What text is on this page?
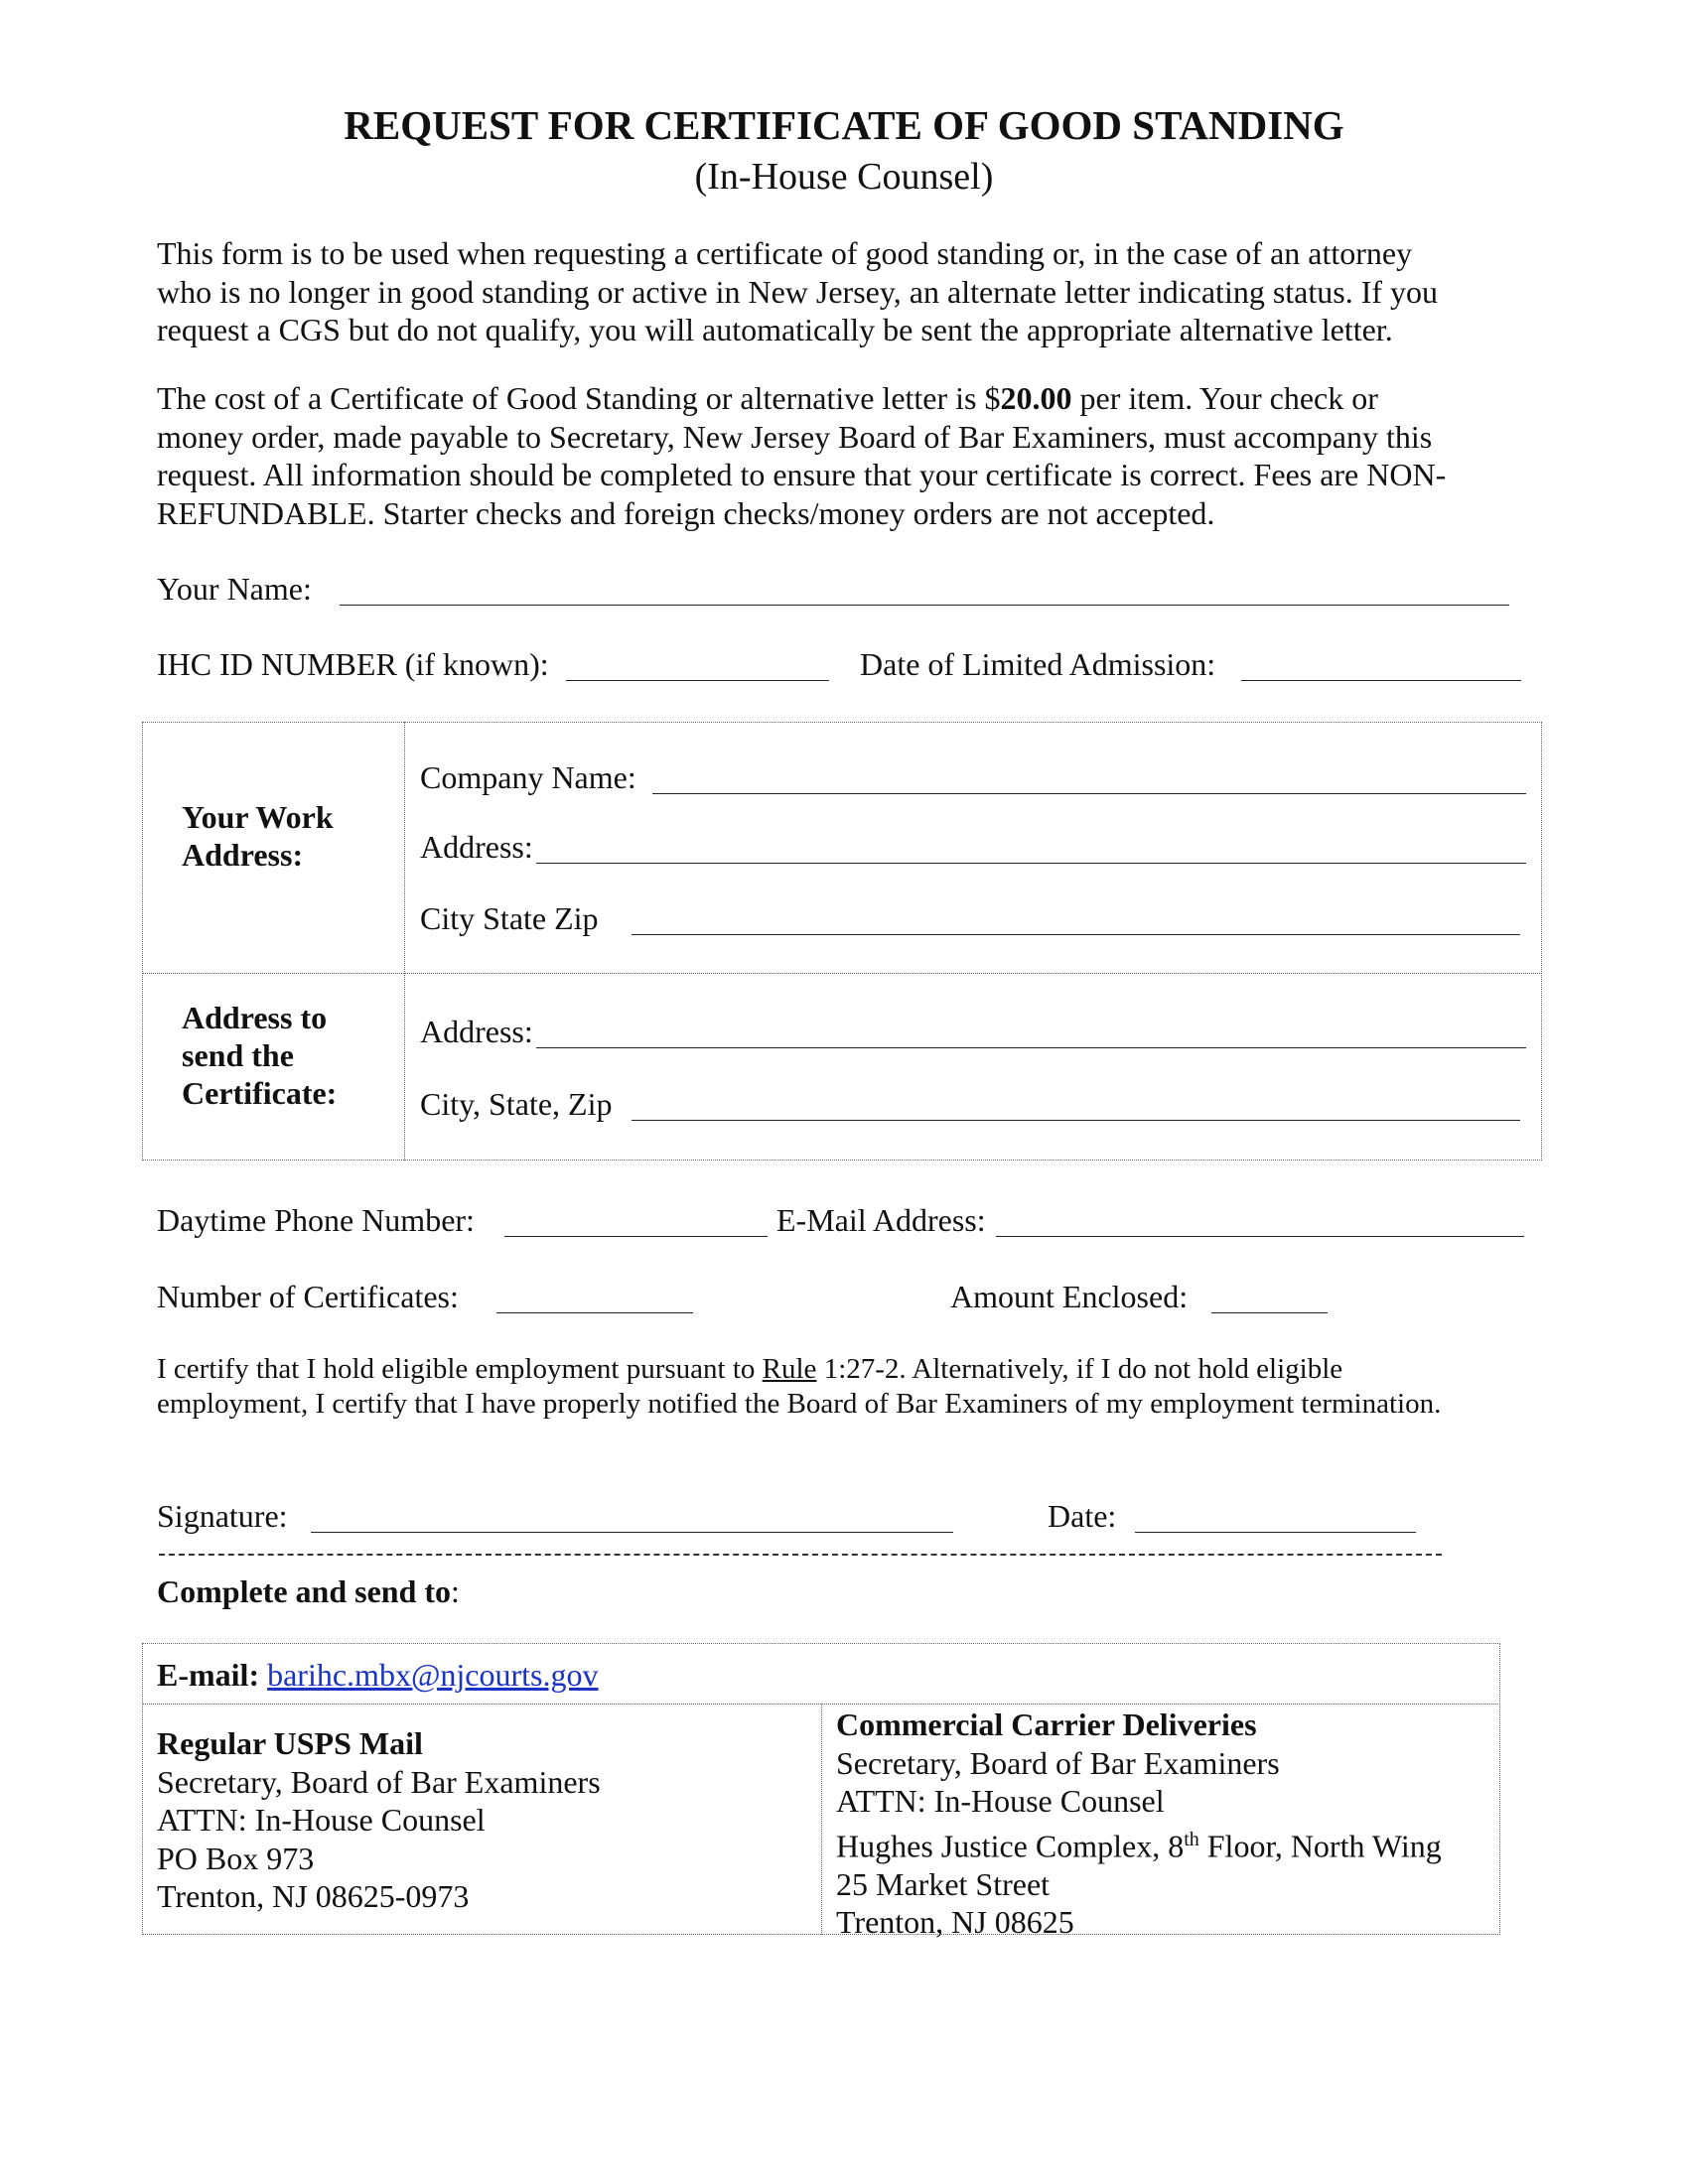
REQUEST FOR CERTIFICATE OF GOOD STANDING
(In-House Counsel)

This form is to be used when requesting a certificate of good standing or, in the case of an attorney

who is no longer in good standing or active in New Jersey, an alternate letter indicating status. If you

request a CGS but do not qualify, you will automatically be sent the appropriate alternative letter.

The cost of a Certificate of Good Standing or alternative letter is $20.00 per item. Your check or

money order, made payable to Secretary, New Jersey Board of Bar Examiners, must accompany this

request. All information should be completed to ensure that your certificate is correct. Fees are NON-

REFUNDABLE. Starter checks and foreign checks/money orders are not accepted.

Your Name:
IHC ID NUMBER (if known):	Date of Limited Admission:
Your Work
Address:
Company Name:
Address:
City State Zip
Address to
send the
Certificate:
Address:
City, State, Zip
Daytime Phone Number:	E-Mail Address:
Number of Certificates:	Amount Enclosed:
I certify that I hold eligible employment pursuant to Rule 1:27-2. Alternatively, if I do not hold eligible
employment, I certify that I have properly notified the Board of Bar Examiners of my employment termination.
Signature:	Date:
Complete and send to:
E-mail: barihc.mbx@njcourts.gov

Regular USPS Mail

Secretary, Board of Bar Examiners

ATTN: In-House Counsel

PO Box 973

Trenton, NJ 08625-0973

Commercial Carrier Deliveries

Secretary, Board of Bar Examiners

ATTN: In-House Counsel

Hughes Justice Complex, 8th Floor, North Wing

25 Market Street

Trenton, NJ 08625
